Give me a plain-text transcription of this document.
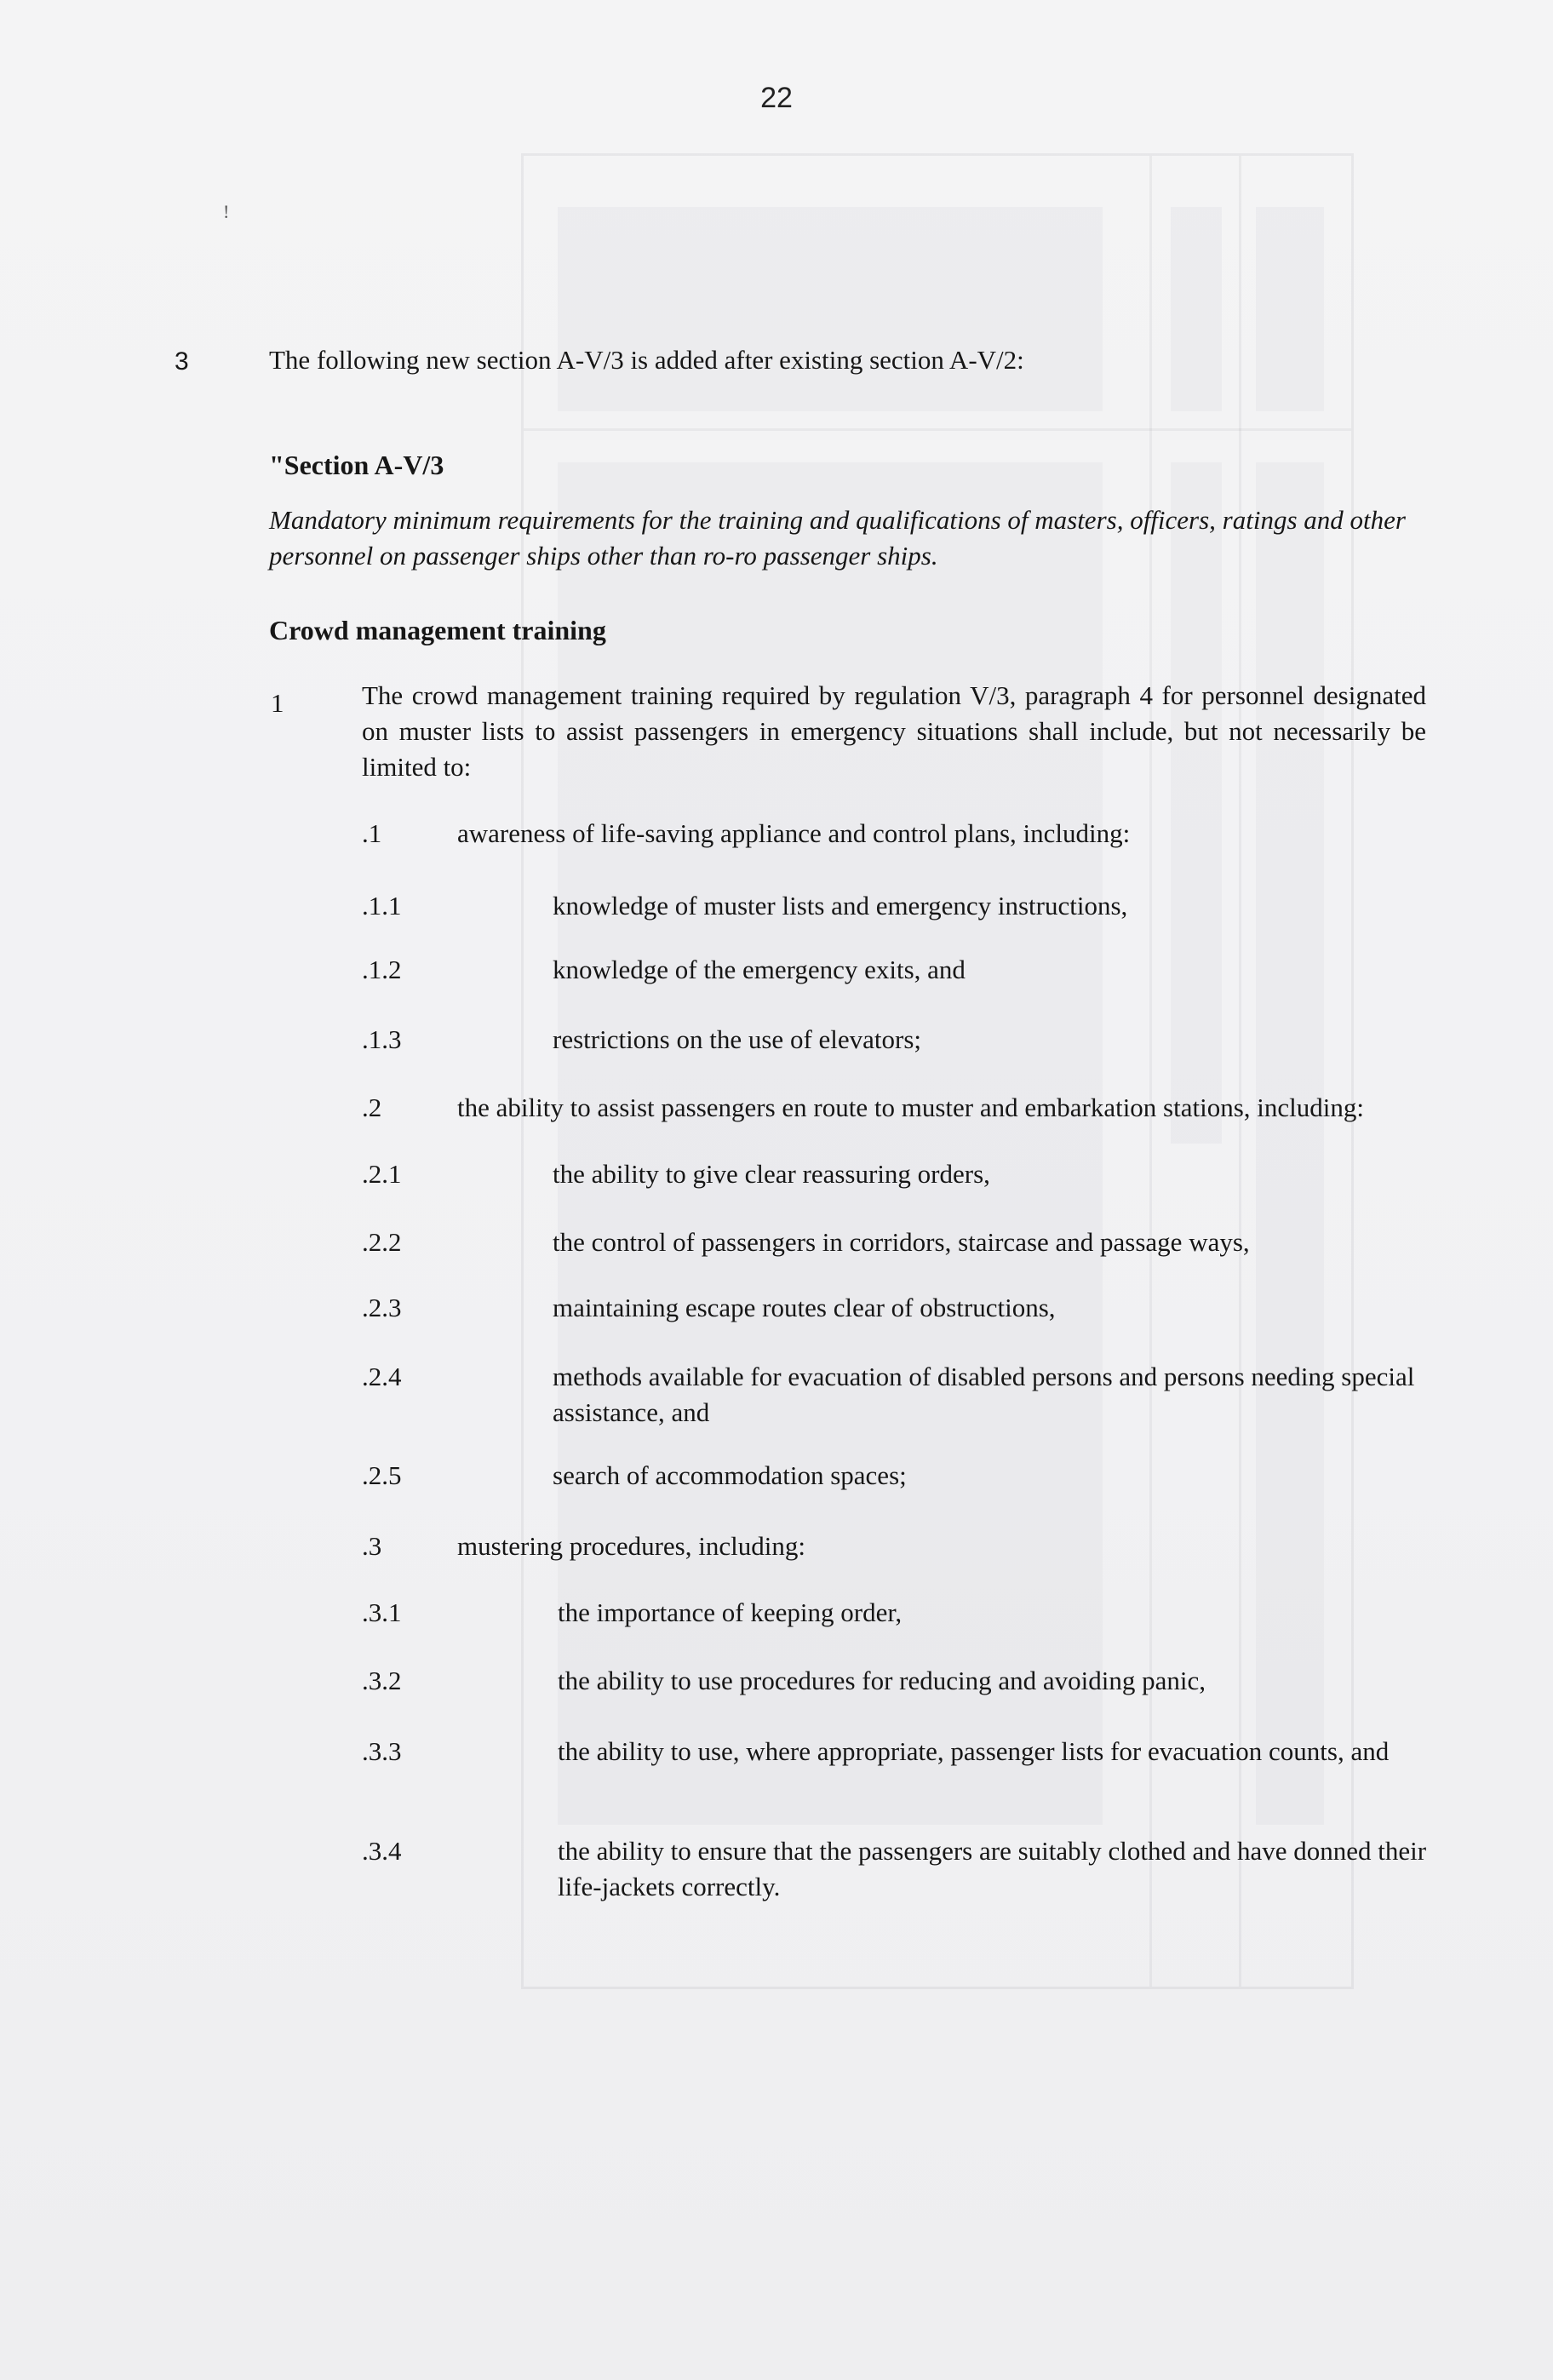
22
!
3	The following new section A-V/3 is added after existing section A-V/2:
"Section A-V/3
Mandatory minimum requirements for the training and qualifications of masters, officers, ratings and other personnel on passenger ships other than ro-ro passenger ships.
Crowd management training
1	The crowd management training required by regulation V/3, paragraph 4 for personnel designated on muster lists to assist passengers in emergency situations shall include, but not necessarily be limited to:
.1	awareness of life-saving appliance and control plans, including:
.1.1	knowledge of muster lists and emergency instructions,
.1.2	knowledge of the emergency exits, and
.1.3	restrictions on the use of elevators;
.2	the ability to assist passengers en route to muster and embarkation stations, including:
.2.1	the ability to give clear reassuring orders,
.2.2	the control of passengers in corridors, staircase and passage ways,
.2.3	maintaining escape routes clear of obstructions,
.2.4	methods available for evacuation of disabled persons and persons needing special assistance, and
.2.5	search of accommodation spaces;
.3	mustering procedures, including:
.3.1	the importance of keeping order,
.3.2	the ability to use procedures for reducing and avoiding panic,
.3.3	the ability to use, where appropriate, passenger lists for evacuation counts, and
.3.4	the ability to ensure that the passengers are suitably clothed and have donned their life-jackets correctly.
